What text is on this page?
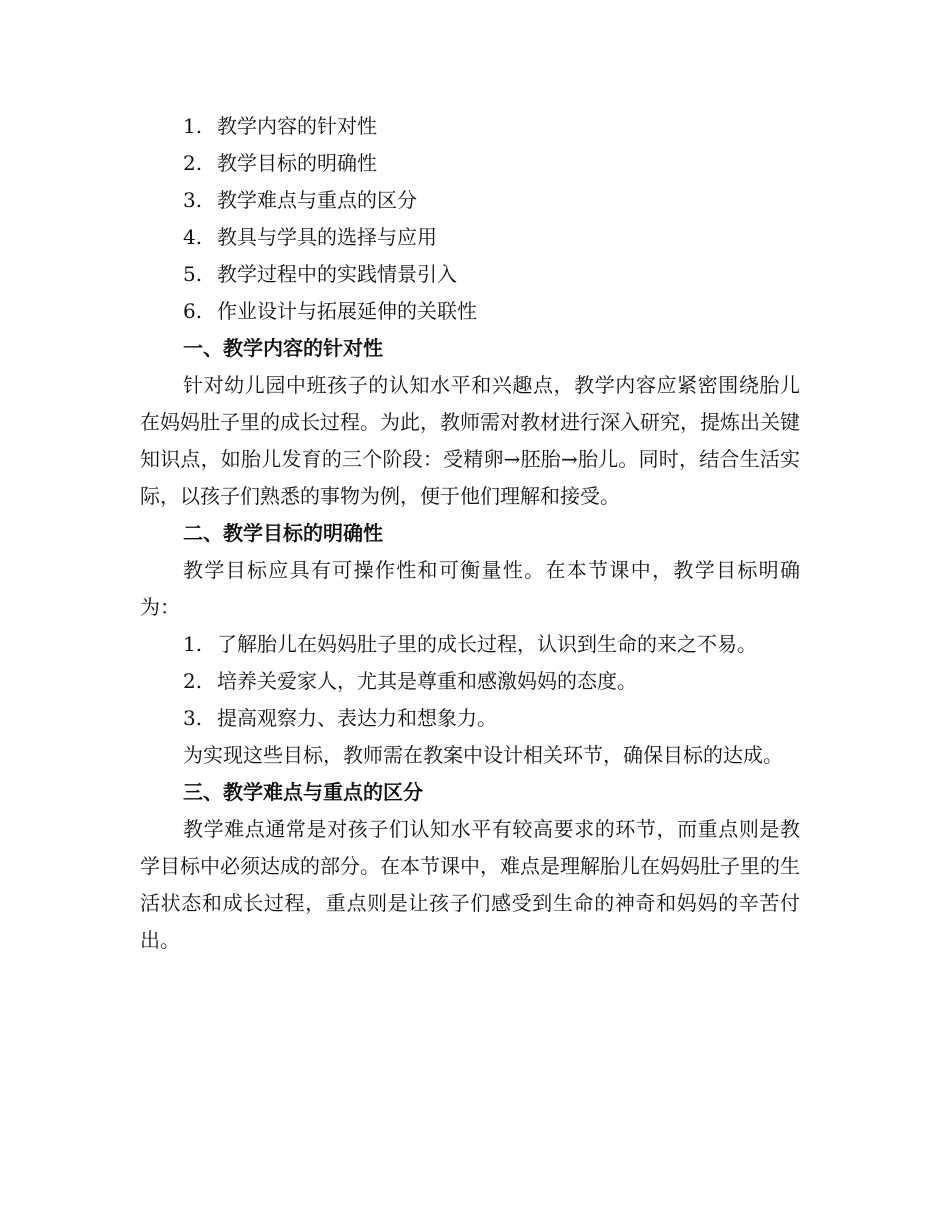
1. 教学内容的针对性
2. 教学目标的明确性
3. 教学难点与重点的区分
4. 教具与学具的选择与应用
5. 教学过程中的实践情景引入
6. 作业设计与拓展延伸的关联性

一、教学内容的针对性

针对幼儿园中班孩子的认知水平和兴趣点，教学内容应紧密围绕胎儿在妈妈肚子里的成长过程。为此，教师需对教材进行深入研究，提炼出关键知识点，如胎儿发育的三个阶段：受精卵→胚胎→胎儿。同时，结合生活实际，以孩子们熟悉的事物为例，便于他们理解和接受。

二、教学目标的明确性

教学目标应具有可操作性和可衡量性。在本节课中，教学目标明确为：

1. 了解胎儿在妈妈肚子里的成长过程，认识到生命的来之不易。
2. 培养关爱家人，尤其是尊重和感激妈妈的态度。
3. 提高观察力、表达力和想象力。

为实现这些目标，教师需在教案中设计相关环节，确保目标的达成。

三、教学难点与重点的区分

教学难点通常是对孩子们认知水平有较高要求的环节，而重点则是教学目标中必须达成的部分。在本节课中，难点是理解胎儿在妈妈肚子里的生活状态和成长过程，重点则是让孩子们感受到生命的神奇和妈妈的辛苦付出。
